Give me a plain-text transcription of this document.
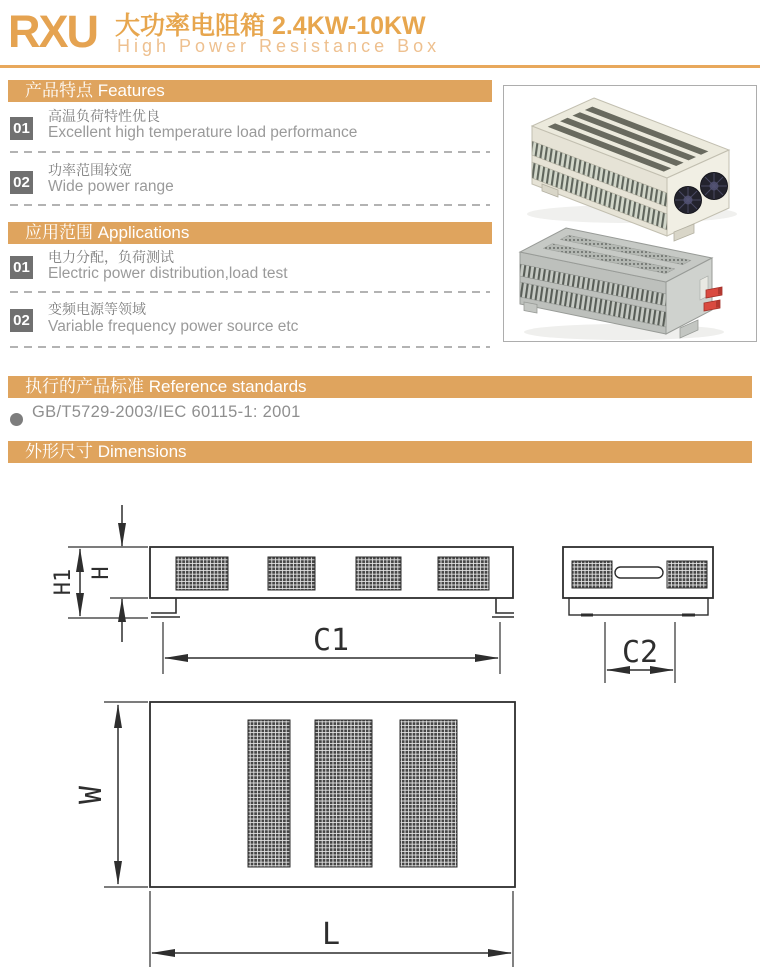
RXU 大功率电阻箱 2.4KW-10KW
High Power Resistance Box
产品特点 Features
01
高温负荷特性优良
Excellent high temperature load performance
02
功率范围较宽
Wide power range
应用范围 Applications
01
电力分配，负荷测试
Electric power distribution,load test
02
变频电源等领域
Variable frequency power source etc
执行的产品标准 Reference standards
GB/T5729-2003/IEC 60115-1: 2001
外形尺寸 Dimensions
H1 H
C1	C2
W
L
